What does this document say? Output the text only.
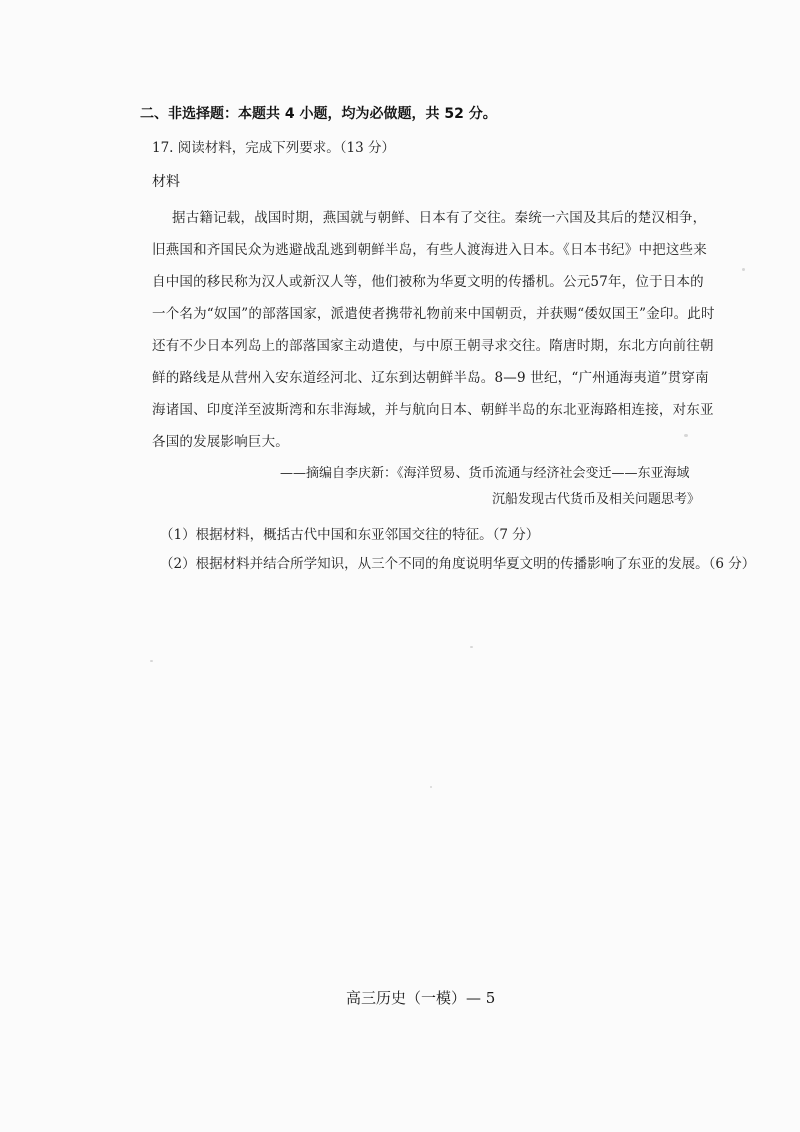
二、非选择题：本题共 4 小题，均为必做题，共 52 分。
17. 阅读材料，完成下列要求。（13 分）
材料
据古籍记载，战国时期，燕国就与朝鲜、日本有了交往。秦统一六国及其后的楚汉相争，
旧燕国和齐国民众为逃避战乱逃到朝鲜半岛，有些人渡海进入日本。《日本书纪》中把这些来
自中国的移民称为汉人或新汉人等，他们被称为华夏文明的传播机。公元57年，位于日本的
一个名为“奴国”的部落国家，派遣使者携带礼物前来中国朝贡，并获赐“倭奴国王”金印。此时
还有不少日本列岛上的部落国家主动遣使，与中原王朝寻求交往。隋唐时期，东北方向前往朝
鲜的路线是从营州入安东道经河北、辽东到达朝鲜半岛。8—9 世纪，“广州通海夷道”贯穿南
海诸国、印度洋至波斯湾和东非海域，并与航向日本、朝鲜半岛的东北亚海路相连接，对东亚
各国的发展影响巨大。
——摘编自李庆新：《海洋贸易、货币流通与经济社会变迁——东亚海域
沉船发现古代货币及相关问题思考》
（1）根据材料，概括古代中国和东亚邻国交往的特征。（7 分）
（2）根据材料并结合所学知识，从三个不同的角度说明华夏文明的传播影响了东亚的发展。（6 分）
高三历史（一模）— 5
